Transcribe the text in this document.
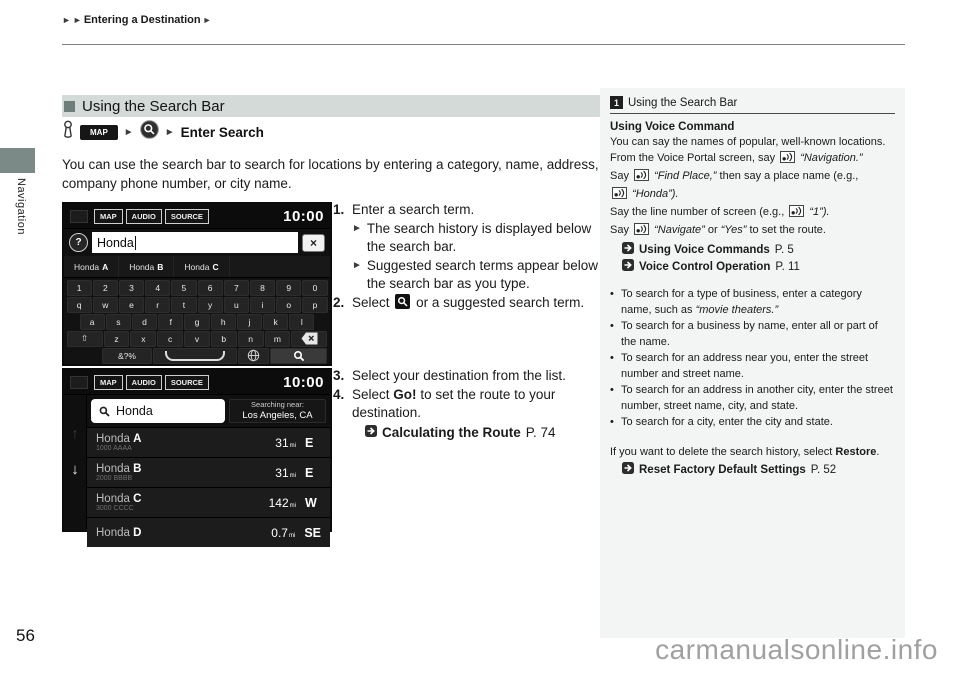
► ► Entering a Destination ►
Navigation
Using the Search Bar
MAP	►	► Enter Search

You can use the search bar to search for locations by entering a category, name, address, company phone number, or city name.

MAP	AUDIO	SOURCE	10:00
?	Honda	×
Honda A Honda B Honda C
1	2	3	4	5	6	7	8	9	0
q	w	e	r	t	y	u	i	o	p
a	s	d	f	g	h	j	k	l
⇧	z	x	c	v	b	n	m
&?%
1. Enter a search term.
► The search history is displayed below the search bar.
► Suggested search terms appear below the search bar as you type.
2. Select or a suggested search term.
MAP	AUDIO	SOURCE	10:00
↑
↓
Honda	Searching near:
Los Angeles, CA
Honda A
1000 AAAA	31 mi E
Honda B
2000 BBBB	31 mi E
Honda C
3000 CCCC	142 mi W
Honda D	0.7 mi SE
3. Select your destination from the list.
4. Select Go! to set the route to your destination.
Calculating the Route P. 74
1 Using the Search Bar
Using Voice Command

You can say the names of popular, well-known locations.

From the Voice Portal screen, say “Navigation.”

Say “Find Place,” then say a place name (e.g.,

“Honda”).

Say the line number of screen (e.g., “1”).

Say “Navigate” or “Yes” to set the route.

Using Voice Commands P. 5
Voice Control Operation P. 11
• To search for a type of business, enter a category name, such as “movie theaters.”
• To search for a business by name, enter all or part of the name.
• To search for an address near you, enter the street number and street name.
• To search for an address in another city, enter the street number, street name, city, and state.
• To search for a city, enter the city and state.
If you want to delete the search history, select Restore.
Reset Factory Default Settings P. 52
56	carmanualsonline.info
